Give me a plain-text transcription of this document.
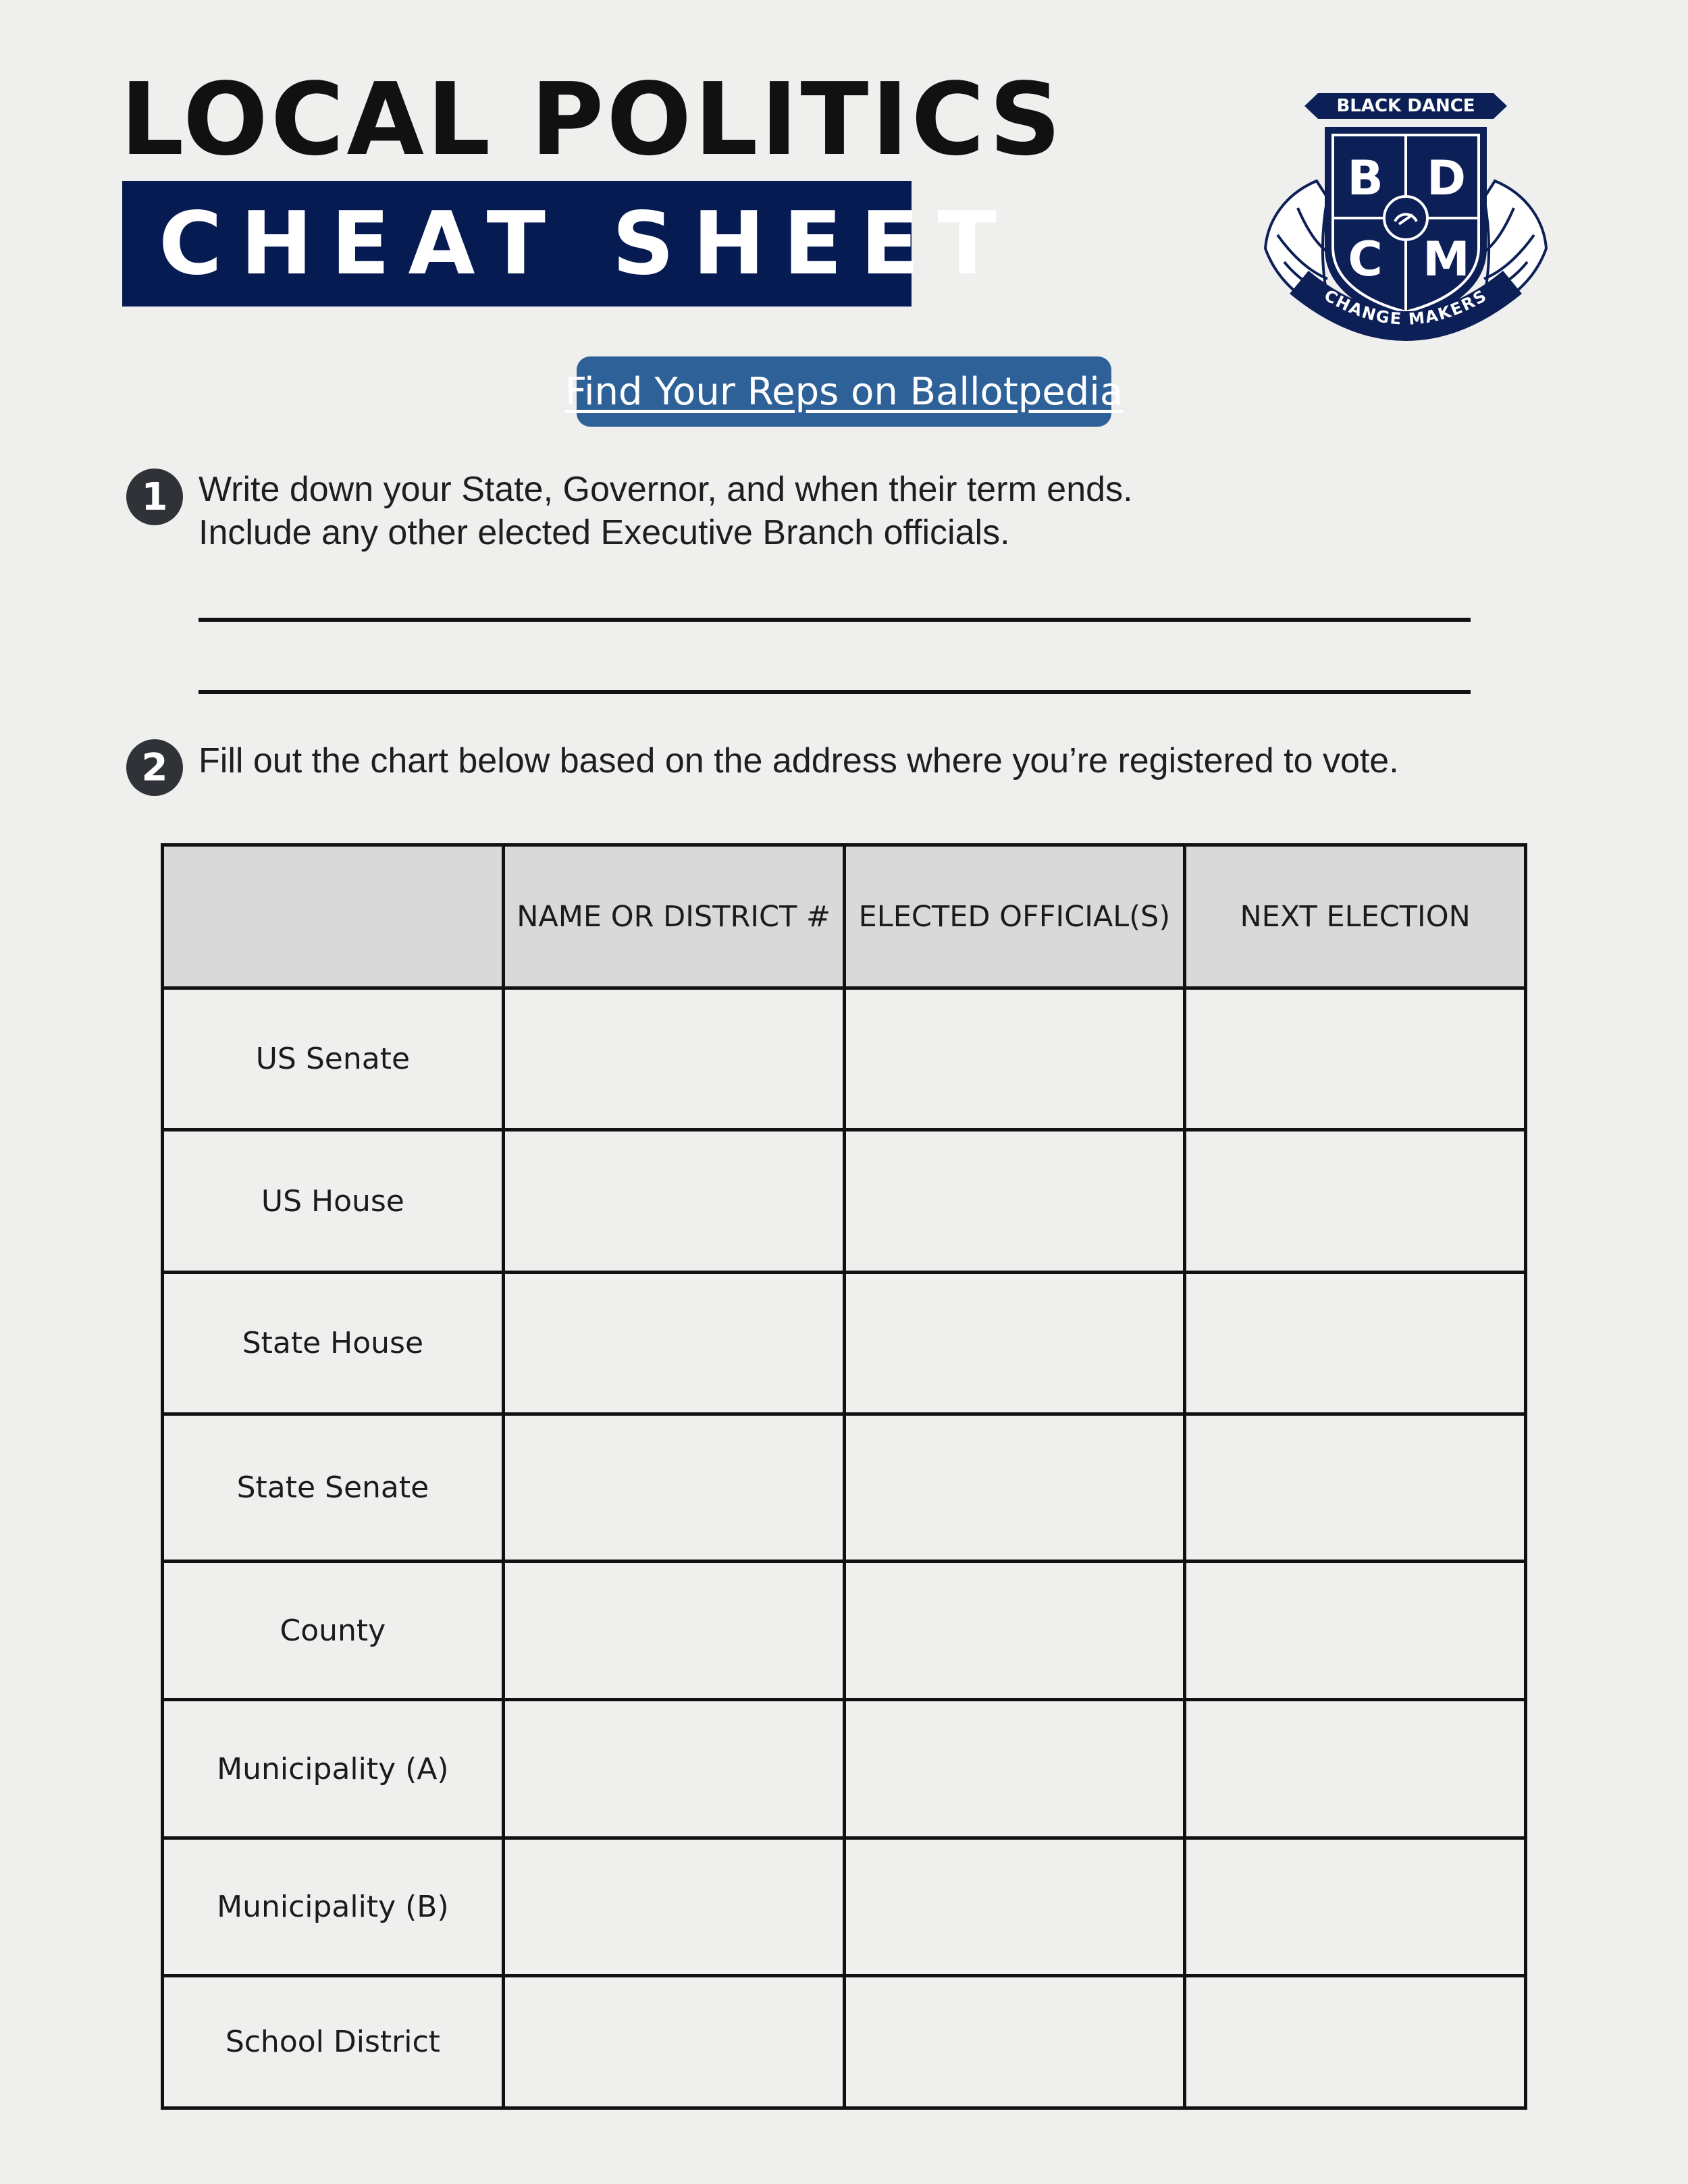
LOCAL POLITICS
CHEAT SHEET
BLACK DANCE
B D
C M
CHANGE MAKERS
Find Your Reps on Ballotpedia
1 Write down your State, Governor, and when their term ends.
Include any other elected Executive Branch officials.
2 Fill out the chart below based on the address where you’re registered to vote.
	NAME OR DISTRICT #	ELECTED OFFICIAL(S)	NEXT ELECTION
US Senate			
US House			
State House			
State Senate			
County			
Municipality (A)			
Municipality (B)			
School District			
